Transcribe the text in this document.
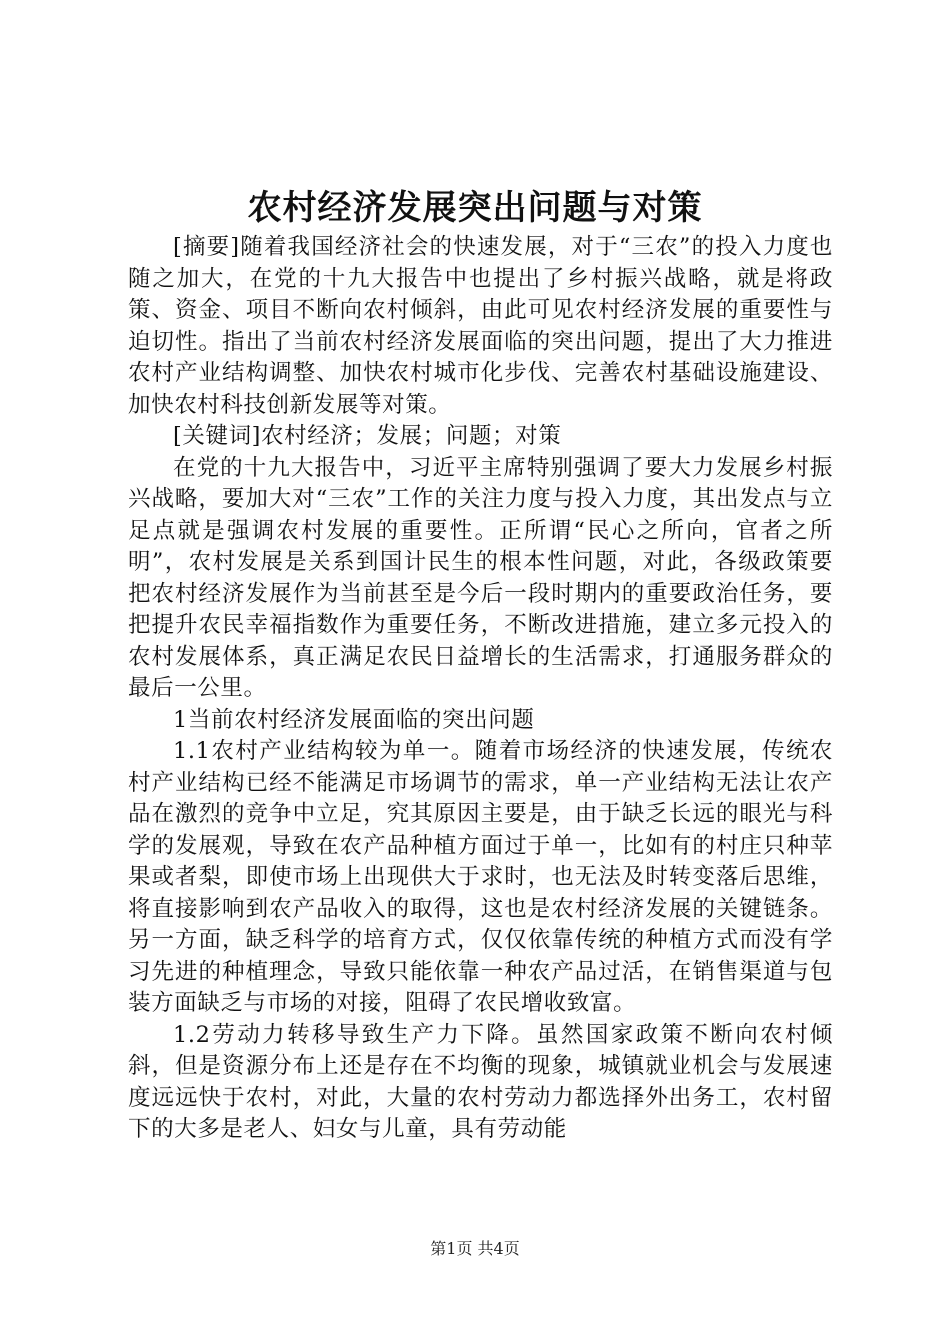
农村经济发展突出问题与对策

[摘要]随着我国经济社会的快速发展，对于“三农”的投入力度也随之加大，在党的十九大报告中也提出了乡村振兴战略，就是将政策、资金、项目不断向农村倾斜，由此可见农村经济发展的重要性与迫切性。指出了当前农村经济发展面临的突出问题，提出了大力推进农村产业结构调整、加快农村城市化步伐、完善农村基础设施建设、加快农村科技创新发展等对策。

[关键词]农村经济；发展；问题；对策

在党的十九大报告中，习近平主席特别强调了要大力发展乡村振兴战略，要加大对“三农”工作的关注力度与投入力度，其出发点与立足点就是强调农村发展的重要性。正所谓“民心之所向，官者之所明”，农村发展是关系到国计民生的根本性问题，对此，各级政策要把农村经济发展作为当前甚至是今后一段时期内的重要政治任务，要把提升农民幸福指数作为重要任务，不断改进措施，建立多元投入的农村发展体系，真正满足农民日益增长的生活需求，打通服务群众的最后一公里。

1当前农村经济发展面临的突出问题

1.1农村产业结构较为单一。随着市场经济的快速发展，传统农村产业结构已经不能满足市场调节的需求，单一产业结构无法让农产品在激烈的竞争中立足，究其原因主要是，由于缺乏长远的眼光与科学的发展观，导致在农产品种植方面过于单一，比如有的村庄只种苹果或者梨，即使市场上出现供大于求时，也无法及时转变落后思维，将直接影响到农产品收入的取得，这也是农村经济发展的关键链条。另一方面，缺乏科学的培育方式，仅仅依靠传统的种植方式而没有学习先进的种植理念，导致只能依靠一种农产品过活，在销售渠道与包装方面缺乏与市场的对接，阻碍了农民增收致富。

1.2劳动力转移导致生产力下降。虽然国家政策不断向农村倾斜，但是资源分布上还是存在不均衡的现象，城镇就业机会与发展速度远远快于农村，对此，大量的农村劳动力都选择外出务工，农村留下的大多是老人、妇女与儿童，具有劳动能

第1页 共4页
